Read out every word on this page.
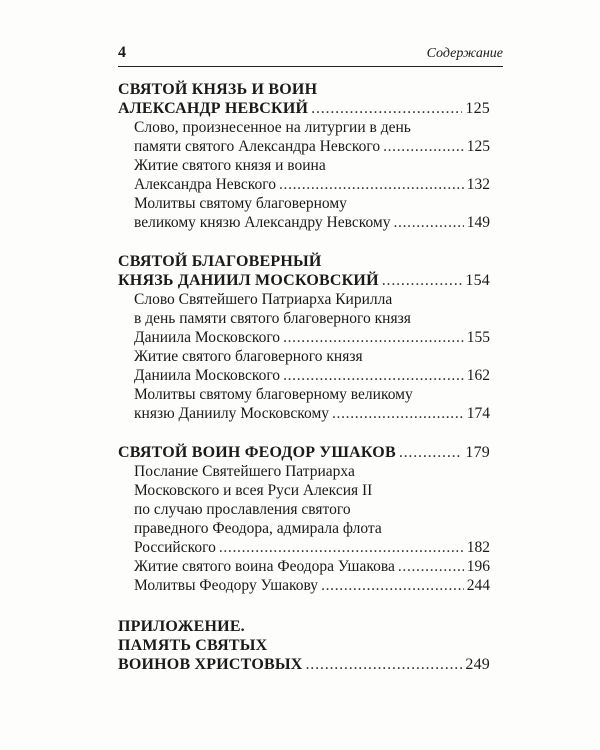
4	Содержание
СВЯТОЙ КНЯЗЬ И ВОИН
АЛЕКСАНДР НЕВСКИЙ . . .	125
Слово, произнесенное на литургии в день
памяти святого Александра Невского . . .	125
Житие святого князя и воина
Александра Невского . . .	132
Молитвы святому благоверному
великому князю Александру Невскому . . .	149
СВЯТОЙ БЛАГОВЕРНЫЙ
КНЯЗЬ ДАНИИЛ МОСКОВСКИЙ . . .	154
Слово Святейшего Патриарха Кирилла
в день памяти святого благоверного князя
Даниила Московского . . .	155
Житие святого благоверного князя
Даниила Московского . . .	162
Молитвы святому благоверному великому
князю Даниилу Московскому . . .	174
СВЯТОЙ ВОИН ФЕОДОР УШАКОВ . . .	179
Послание Святейшего Патриарха
Московского и всея Руси Алексия II
по случаю прославления святого
праведного Феодора, адмирала флота
Российского . . .	182
Житие святого воина Феодора Ушакова . . .	196
Молитвы Феодору Ушакову . . .	244
ПРИЛОЖЕНИЕ.
ПАМЯТЬ СВЯТЫХ
ВОИНОВ ХРИСТОВЫХ . . .	249
